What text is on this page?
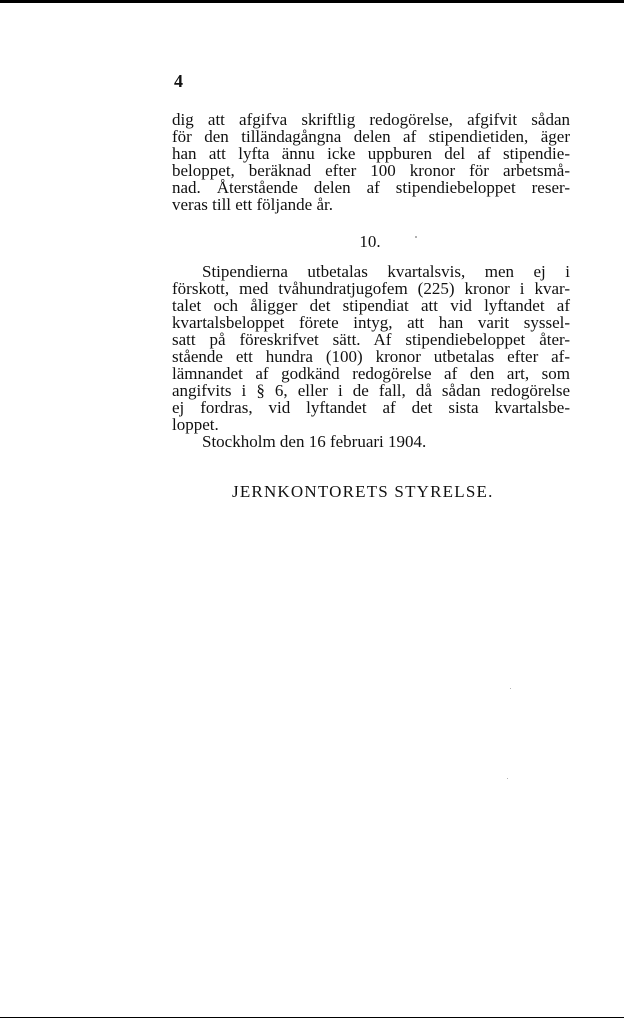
4
dig att afgifva skriftlig redogörelse, afgifvit sådan
för den tilländagångna delen af stipendietiden, äger
han att lyfta ännu icke uppburen del af stipendie-
beloppet, beräknad efter 100 kronor för arbetsmå-
nad. Återstående delen af stipendiebeloppet reser-
veras till ett följande år.
10.
Stipendierna utbetalas kvartalsvis, men ej i
förskott, med tvåhundratjugofem (225) kronor i kvar-
talet och åligger det stipendiat att vid lyftandet af
kvartalsbeloppet förete intyg, att han varit syssel-
satt på föreskrifvet sätt. Af stipendiebeloppet åter-
stående ett hundra (100) kronor utbetalas efter af-
lämnandet af godkänd redogörelse af den art, som
angifvits i § 6, eller i de fall, då sådan redogörelse
ej fordras, vid lyftandet af det sista kvartalsbe-
loppet.
Stockholm den 16 februari 1904.
JERNKONTORETS STYRELSE.
